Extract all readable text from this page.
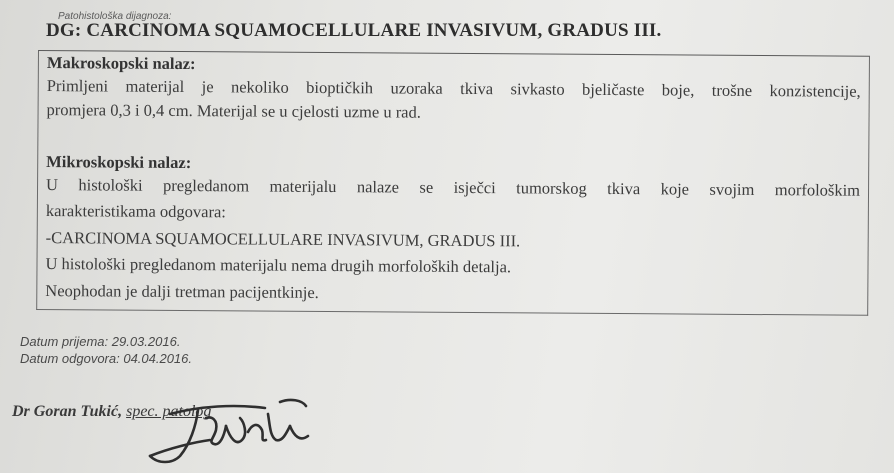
Patohistološka dijagnoza:
DG: CARCINOMA SQUAMOCELLULARE INVASIVUM, GRADUS III.
Makroskopski nalaz:
Primljeni materijal je nekoliko bioptičkih uzoraka tkiva sivkasto bjeličaste boje, trošne konzistencije,
promjera 0,3 i 0,4 cm. Materijal se u cjelosti uzme u rad.
Mikroskopski nalaz:
U histološki pregledanom materijalu nalaze se isječci tumorskog tkiva koje svojim morfološkim
karakteristikama odgovara:
-CARCINOMA SQUAMOCELLULARE INVASIVUM, GRADUS III.
U histološki pregledanom materijalu nema drugih morfoloških detalja.
Neophodan je dalji tretman pacijentkinje.
Datum prijema: 29.03.2016.
Datum odgovora: 04.04.2016.
Dr Goran Tukić, spec. patolog
